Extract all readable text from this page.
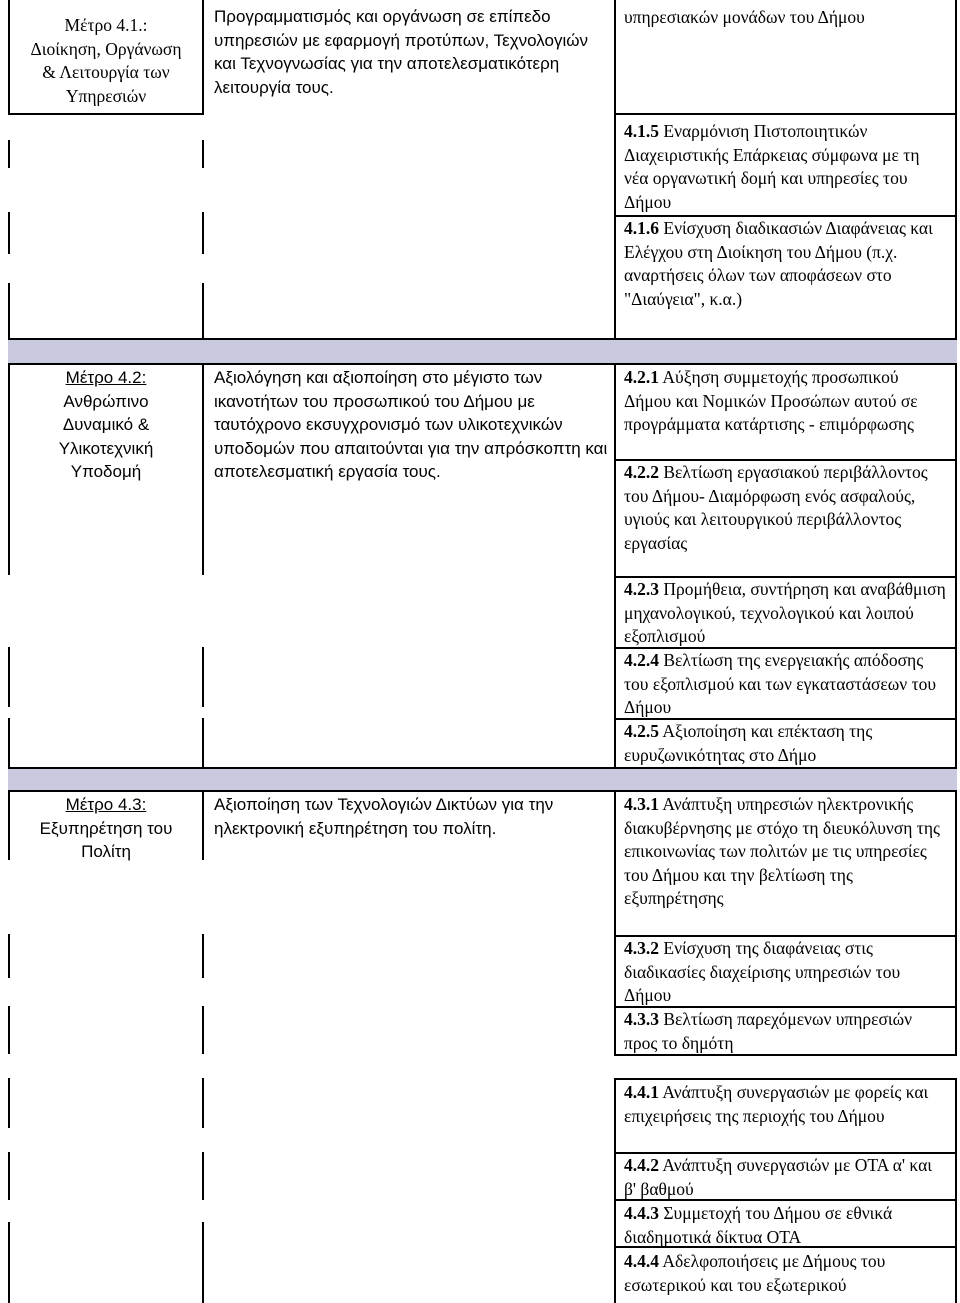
Μέτρο 4.1.:
Διοίκηση, Οργάνωση
& Λειτουργία των
Υπηρεσιών
Προγραμματισμός και οργάνωση σε επίπεδο υπηρεσιών με εφαρμογή προτύπων, Τεχνολογιών και Τεχνογνωσίας για την αποτελεσματικότερη λειτουργία τους.
υπηρεσιακών μονάδων του Δήμου
4.1.5 Εναρμόνιση Πιστοποιητικών Διαχειριστικής Επάρκειας σύμφωνα με τη νέα οργανωτική δομή και υπηρεσίες του Δήμου
4.1.6 Ενίσχυση διαδικασιών Διαφάνειας και Ελέγχου στη Διοίκηση του Δήμου (π.χ. αναρτήσεις όλων των αποφάσεων στο "Διαύγεια", κ.α.)
Μέτρο 4.2:
Ανθρώπινο
Δυναμικό &
Υλικοτεχνική
Υποδομή
Αξιολόγηση και αξιοποίηση στο μέγιστο των ικανοτήτων του προσωπικού του Δήμου με ταυτόχρονο εκσυγχρονισμό των υλικοτεχνικών υποδομών που απαιτούνται για την απρόσκοπτη και αποτελεσματική εργασία τους.
4.2.1 Αύξηση συμμετοχής προσωπικού Δήμου και Νομικών Προσώπων αυτού σε προγράμματα κατάρτισης - επιμόρφωσης
4.2.2 Βελτίωση εργασιακού περιβάλλοντος του Δήμου- Διαμόρφωση ενός ασφαλούς, υγιούς και λειτουργικού περιβάλλοντος εργασίας
4.2.3 Προμήθεια, συντήρηση και αναβάθμιση μηχανολογικού, τεχνολογικού και λοιπού εξοπλισμού
4.2.4 Βελτίωση της ενεργειακής απόδοσης του εξοπλισμού και των εγκαταστάσεων του Δήμου
4.2.5 Αξιοποίηση και επέκταση της ευρυζωνικότητας στο Δήμο
Μέτρο 4.3:
Εξυπηρέτηση του
Πολίτη
Αξιοποίηση των Τεχνολογιών Δικτύων για την ηλεκτρονική εξυπηρέτηση του πολίτη.
4.3.1 Ανάπτυξη υπηρεσιών ηλεκτρονικής διακυβέρνησης με στόχο τη διευκόλυνση της επικοινωνίας των πολιτών με τις υπηρεσίες του Δήμου και την βελτίωση της εξυπηρέτησης
4.3.2 Ενίσχυση της διαφάνειας στις διαδικασίες διαχείρισης υπηρεσιών του Δήμου
4.3.3 Βελτίωση παρεχόμενων υπηρεσιών προς το δημότη
4.4.1 Ανάπτυξη συνεργασιών με φορείς και επιχειρήσεις της περιοχής του Δήμου
4.4.2 Ανάπτυξη συνεργασιών με ΟΤΑ α' και β' βαθμού
4.4.3 Συμμετοχή του Δήμου σε εθνικά διαδημοτικά δίκτυα ΟΤΑ
4.4.4 Αδελφοποιήσεις με Δήμους του εσωτερικού και του εξωτερικού
